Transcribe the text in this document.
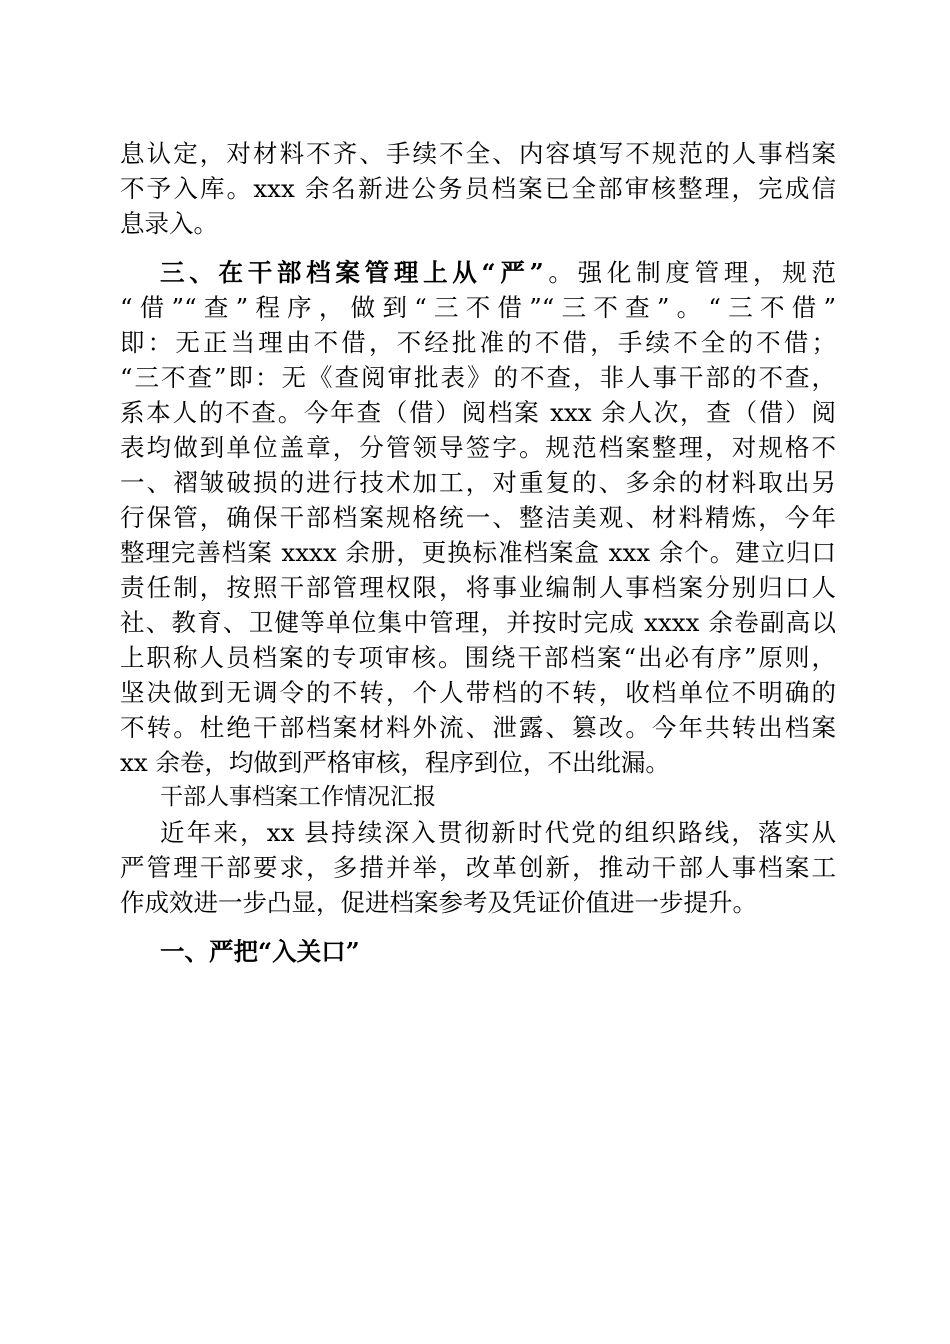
息认定，对材料不齐、手续不全、内容填写不规范的人事档案
不予入库。xxx 余名新进公务员档案已全部审核整理，完成信
息录入。
三、在干部档案管理上从“严”。强化制度管理，规范
“借”“查”程序，做到“三不借”“三不查”。“三不借”
即：无正当理由不借，不经批准的不借，手续不全的不借；
“三不查”即：无《查阅审批表》的不查，非人事干部的不查，
系本人的不查。今年查（借）阅档案 xxx 余人次，查（借）阅
表均做到单位盖章，分管领导签字。规范档案整理，对规格不
一、褶皱破损的进行技术加工，对重复的、多余的材料取出另
行保管，确保干部档案规格统一、整洁美观、材料精炼，今年
整理完善档案 xxxx 余册，更换标准档案盒 xxx 余个。建立归口
责任制，按照干部管理权限，将事业编制人事档案分别归口人
社、教育、卫健等单位集中管理，并按时完成 xxxx 余卷副高以
上职称人员档案的专项审核。围绕干部档案“出必有序”原则，
坚决做到无调令的不转，个人带档的不转，收档单位不明确的
不转。杜绝干部档案材料外流、泄露、篡改。今年共转出档案
xx 余卷，均做到严格审核，程序到位，不出纰漏。
干部人事档案工作情况汇报
近年来，xx 县持续深入贯彻新时代党的组织路线，落实从
严管理干部要求，多措并举，改革创新，推动干部人事档案工
作成效进一步凸显，促进档案参考及凭证价值进一步提升。
一、严把“入关口”
